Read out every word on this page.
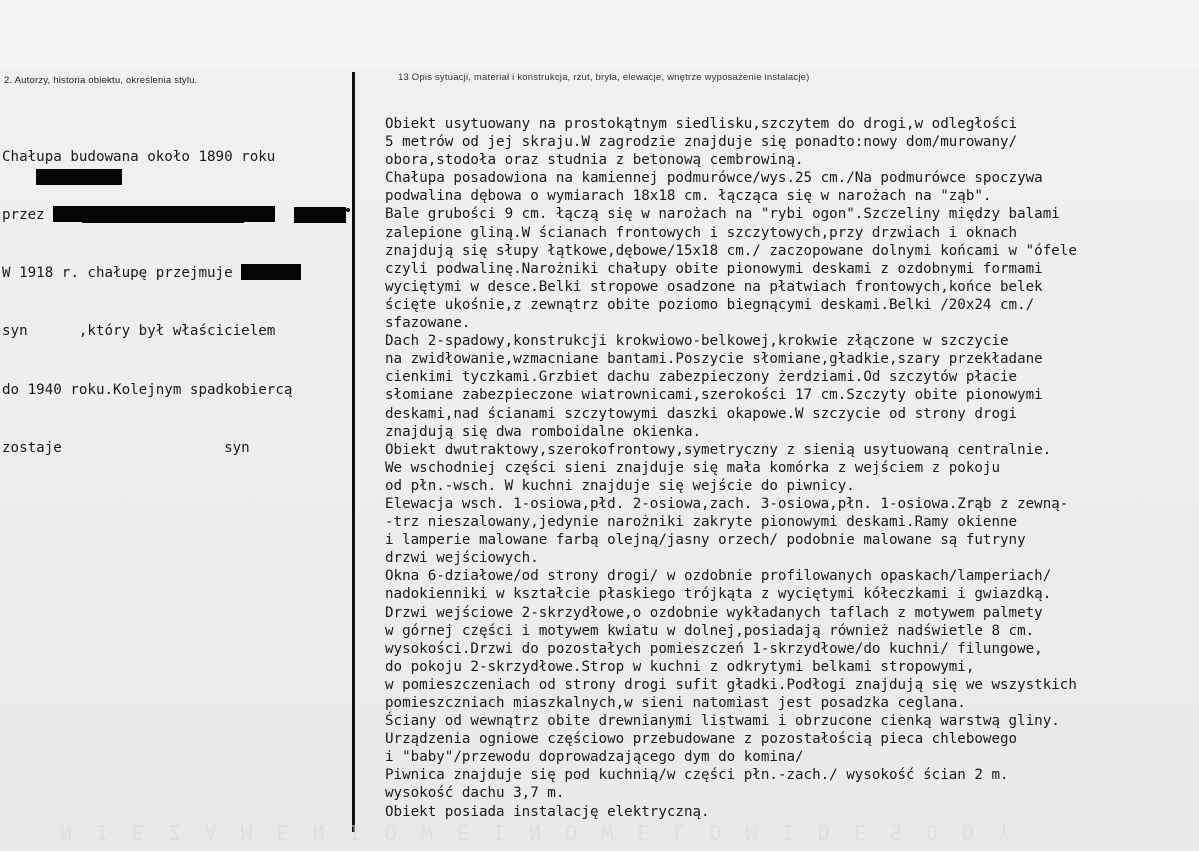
2. Autorzy, historia obiektu, określenia stylu.	13 Opis sytuacji, materiał i konstrukcja, rzut, bryła, elewacje, wnętrze wyposażenie instalacje)

Chałupa budowana około 1890 roku

przez

W 1918 r. chałupę przejmuje

syn      ,który był właścicielem

do 1940 roku.Kolejnym spadkobiercą

zostaje                   syn

Obiekt usytuowany na prostokątnym siedlisku,szczytem do drogi,w odległości
5 metrów od jej skraju.W zagrodzie znajduje się ponadto:nowy dom/murowany/
obora,stodoła oraz studnia z betonową cembrowiną.
Chałupa posadowiona na kamiennej podmurówce/wys.25 cm./Na podmurówce spoczywa
podwalina dębowa o wymiarach 18x18 cm. łącząca się w narożach na "ząb".
Bale grubości 9 cm. łączą się w narożach na "rybi ogon".Szczeliny między balami
zalepione gliną.W ścianach frontowych i szczytowych,przy drzwiach i oknach
znajdują się słupy łątkowe,dębowe/15x18 cm./ zaczopowane dolnymi końcami w "ófele
czyli podwalinę.Narożniki chałupy obite pionowymi deskami z ozdobnymi formami
wyciętymi w desce.Belki stropowe osadzone na płatwiach frontowych,końce belek
ścięte ukośnie,z zewnątrz obite poziomo biegnącymi deskami.Belki /20x24 cm./
sfazowane.
Dach 2-spadowy,konstrukcji krokwiowo-belkowej,krokwie złączone w szczycie
na zwidłowanie,wzmacniane bantami.Poszycie słomiane,gładkie,szary przekładane
cienkimi tyczkami.Grzbiet dachu zabezpieczony żerdziami.Od szczytów płacie
słomiane zabezpieczone wiatrownicami,szerokości 17 cm.Szczyty obite pionowymi
deskami,nad ścianami szczytowymi daszki okapowe.W szczycie od strony drogi
znajdują się dwa romboidalne okienka.
Obiekt dwutraktowy,szerokofrontowy,symetryczny z sienią usytuowaną centralnie.
We wschodniej części sieni znajduje się mała komórka z wejściem z pokoju
od płn.-wsch. W kuchni znajduje się wejście do piwnicy.
Elewacja wsch. 1-osiowa,płd. 2-osiowa,zach. 3-osiowa,płn. 1-osiowa.Zrąb z zewną-
-trz nieszalowany,jedynie narożniki zakryte pionowymi deskami.Ramy okienne
i lamperie malowane farbą olejną/jasny orzech/ podobnie malowane są futryny
drzwi wejściowych.
Okna 6-działowe/od strony drogi/ w ozdobnie profilowanych opaskach/lamperiach/
nadokienniki w kształcie płaskiego trójkąta z wyciętymi kółeczkami i gwiazdką.
Drzwi wejściowe 2-skrzydłowe,o ozdobnie wykładanych taflach z motywem palmety
w górnej części i motywem kwiatu w dolnej,posiadają również nadświetle 8 cm.
wysokości.Drzwi do pozostałych pomieszczeń 1-skrzydłowe/do kuchni/ filungowe,
do pokoju 2-skrzydłowe.Strop w kuchni z odkrytymi belkami stropowymi,
w pomieszczeniach od strony drogi sufit gładki.Podłogi znajdują się we wszystkich
pomieszczniach miaszkalnych,w sieni natomiast jest posadzka ceglana.
Ściany od wewnątrz obite drewnianymi listwami i obrzucone cienką warstwą gliny.
Urządzenia ogniowe częściowo przebudowane z pozostałością pieca chlebowego
i "baby"/przewodu doprowadzającego dym do komina/
Piwnica znajduje się pod kuchnią/w części płn.-zach./ wysokość ścian 2 m.
wysokość dachu 3,7 m.
Obiekt posiada instalację elektryczną.
N I E Z A M E N I O W E I N O W E L O M I D E S O D Y
